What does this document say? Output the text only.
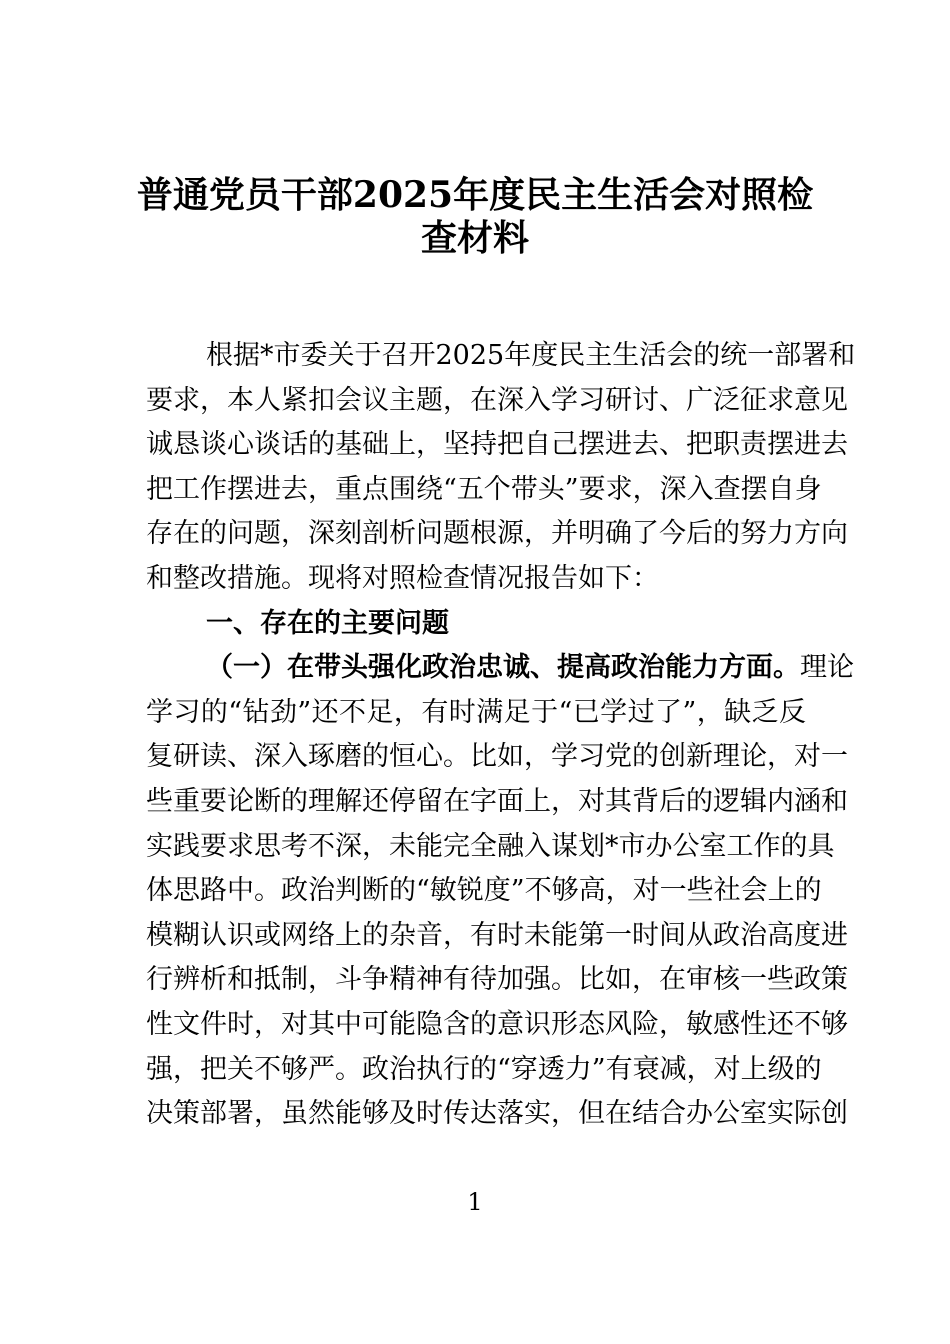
普通党员干部2025年度民主生活会对照检
查材料
根据*市委关于召开2025年度民主生活会的统一部署和
要求，本人紧扣会议主题，在深入学习研讨、广泛征求意见
诚恳谈心谈话的基础上，坚持把自己摆进去、把职责摆进去
把工作摆进去，重点围绕“五个带头”要求，深入查摆自身
存在的问题，深刻剖析问题根源，并明确了今后的努力方向
和整改措施。现将对照检查情况报告如下：
一、存在的主要问题
（一）在带头强化政治忠诚、提高政治能力方面。理论
学习的“钻劲”还不足，有时满足于“已学过了”，缺乏反
复研读、深入琢磨的恒心。比如，学习党的创新理论，对一
些重要论断的理解还停留在字面上，对其背后的逻辑内涵和
实践要求思考不深，未能完全融入谋划*市办公室工作的具
体思路中。政治判断的“敏锐度”不够高，对一些社会上的
模糊认识或网络上的杂音，有时未能第一时间从政治高度进
行辨析和抵制，斗争精神有待加强。比如，在审核一些政策
性文件时，对其中可能隐含的意识形态风险，敏感性还不够
强，把关不够严。政治执行的“穿透力”有衰减，对上级的
决策部署，虽然能够及时传达落实，但在结合办公室实际创
1
